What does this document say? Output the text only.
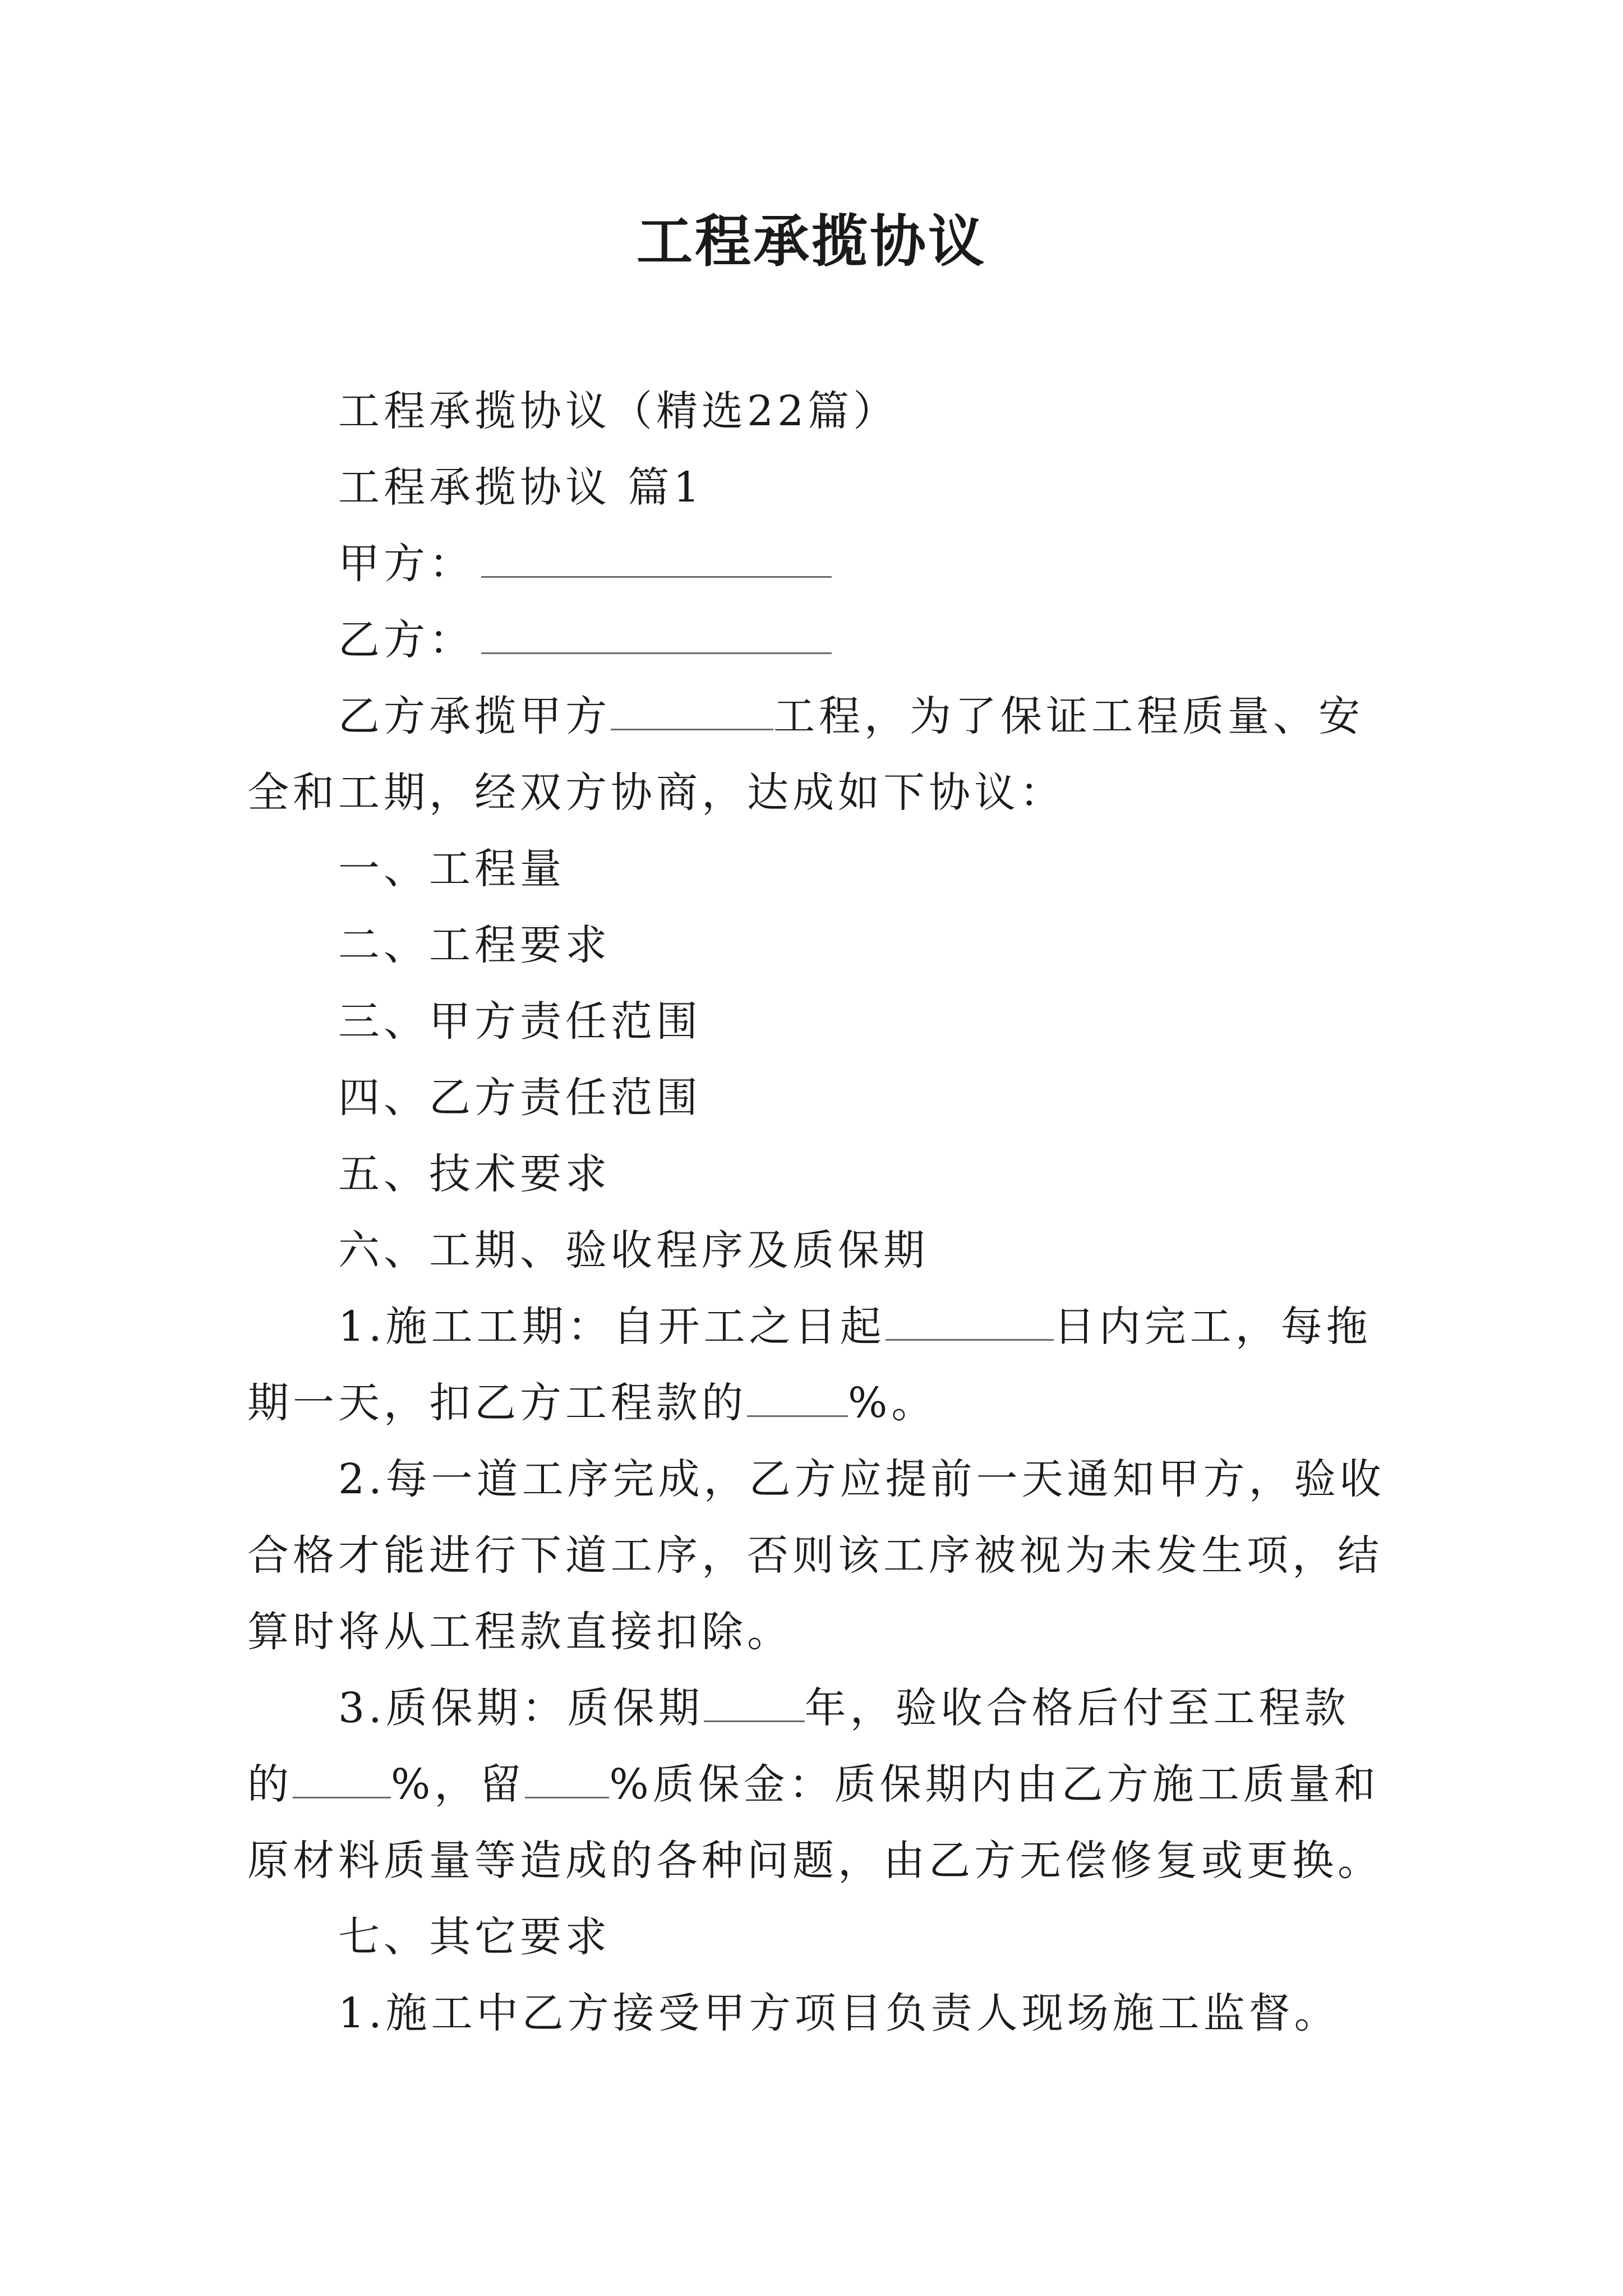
工程承揽协议

工程承揽协议（精选22篇）

工程承揽协议 篇1

甲方：

乙方：

乙方承揽甲方	工程，为了保证工程质量、安全和工期，经双方协商，达成如下协议：

一、工程量

二、工程要求

三、甲方责任范围

四、乙方责任范围

五、技术要求

六、工期、验收程序及质保期

1.施工工期：自开工之日起	日内完工，每拖期一天，扣乙方工程款的 %。

2.每一道工序完成，乙方应提前一天通知甲方，验收合格才能进行下道工序，否则该工序被视为未发生项，结算时将从工程款直接扣除。

3.质保期：质保期 年，验收合格后付至工程款的 %，留 %质保金：质保期内由乙方施工质量和原材料质量等造成的各种问题，由乙方无偿修复或更换。

七、其它要求

1.施工中乙方接受甲方项目负责人现场施工监督。
